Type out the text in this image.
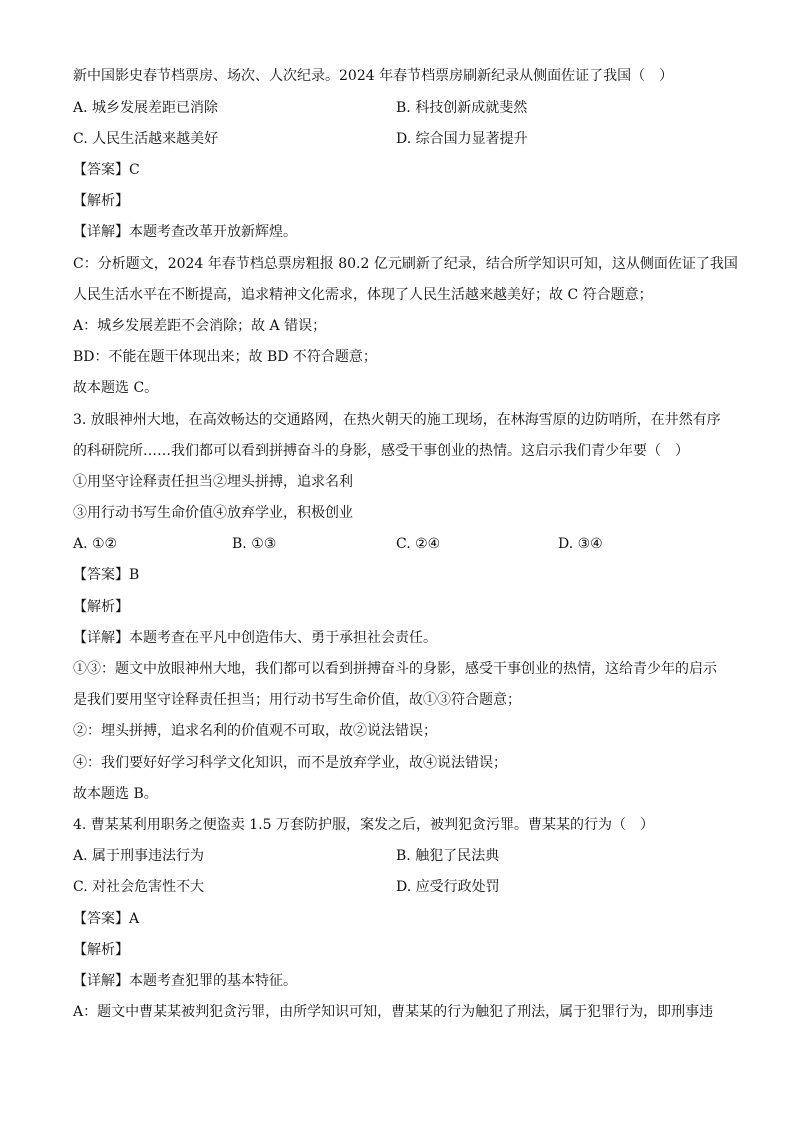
新中国影史春节档票房、场次、人次纪录。2024 年春节档票房刷新纪录从侧面佐证了我国（　）
A. 城乡发展差距已消除	B. 科技创新成就斐然
C. 人民生活越来越美好	D. 综合国力显著提升
【答案】C
【解析】
【详解】本题考查改革开放新辉煌。
C：分析题文，2024 年春节档总票房粗报 80.2 亿元刷新了纪录，结合所学知识可知，这从侧面佐证了我国
人民生活水平在不断提高，追求精神文化需求，体现了人民生活越来越美好；故 C 符合题意；
A：城乡发展差距不会消除；故 A 错误；
BD：不能在题干体现出来；故 BD 不符合题意；
故本题选 C。
3. 放眼神州大地，在高效畅达的交通路网，在热火朝天的施工现场，在林海雪原的边防哨所，在井然有序
的科研院所……我们都可以看到拼搏奋斗的身影，感受干事创业的热情。这启示我们青少年要（　）
①用坚守诠释责任担当②埋头拼搏，追求名利
③用行动书写生命价值④放弃学业，积极创业
A. ①②	B. ①③	C. ②④	D. ③④
【答案】B
【解析】
【详解】本题考查在平凡中创造伟大、勇于承担社会责任。
①③：题文中放眼神州大地，我们都可以看到拼搏奋斗的身影，感受干事创业的热情，这给青少年的启示
是我们要用坚守诠释责任担当；用行动书写生命价值，故①③符合题意；
②：埋头拼搏，追求名利的价值观不可取，故②说法错误；
④：我们要好好学习科学文化知识，而不是放弃学业，故④说法错误；
故本题选 B。
4. 曹某某利用职务之便盗卖 1.5 万套防护服，案发之后，被判犯贪污罪。曹某某的行为（　）
A. 属于刑事违法行为	B. 触犯了民法典
C. 对社会危害性不大	D. 应受行政处罚
【答案】A
【解析】
【详解】本题考查犯罪的基本特征。
A：题文中曹某某被判犯贪污罪，由所学知识可知，曹某某的行为触犯了刑法，属于犯罪行为，即刑事违
